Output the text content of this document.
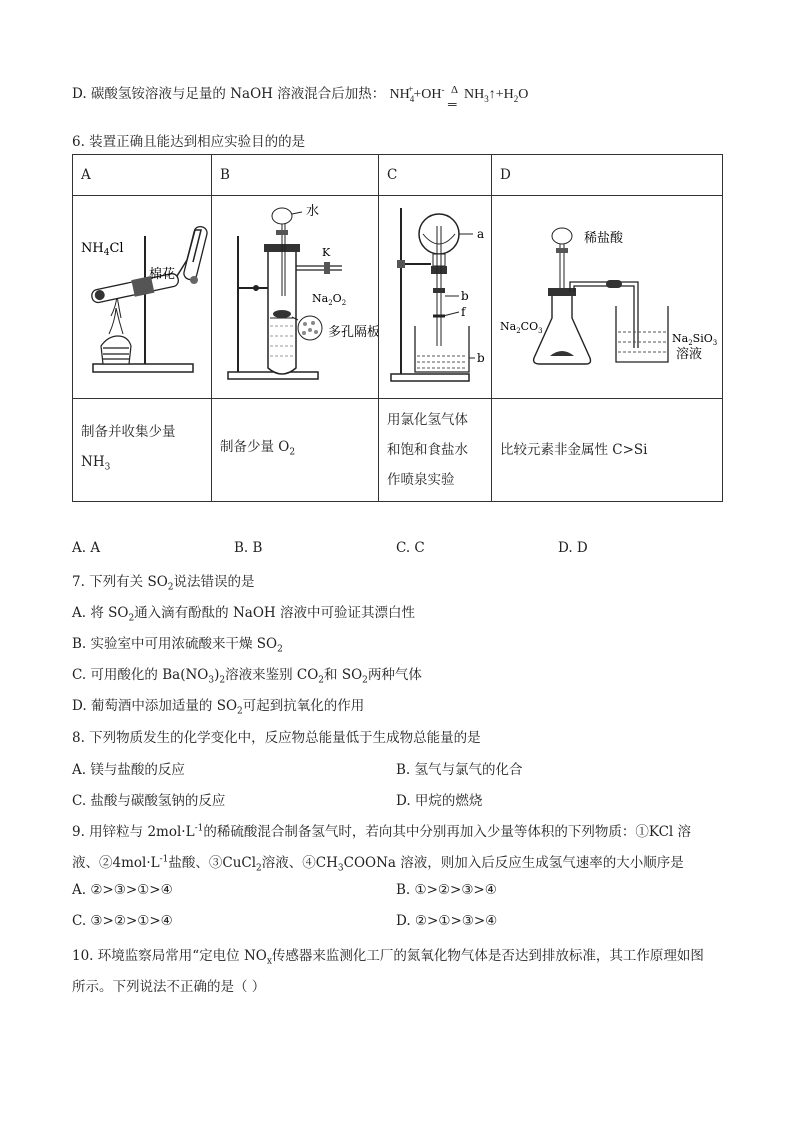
D. 碳酸氢铵溶液与足量的 NaOH 溶液混合后加热： $NH_4^++OH^-$ Δ
═
$NH_3↑+H_2O$
6. 装置正确且能达到相应实验目的的是
A	B	C	D

$NH_4Cl$
棉花	水
K
$Na_2O_2$
多孔隔板	a
b
f
b	稀盐酸
$Na_2CO_3$
$Na_2SiO_3$
溶液

制备并收集少量
$NH_3$	制备少量 $O_2$	用氯化氢气体
和饱和食盐水
作喷泉实验	比较元素非金属性 C>Si
A. A	B. B	C. C	D. D
7. 下列有关 $SO_2$说法错误的是
A. 将 $SO_2$通入滴有酚酞的 NaOH 溶液中可验证其漂白性
B. 实验室中可用浓硫酸来干燥 $SO_2$
C. 可用酸化的 $Ba(NO_3)_2$溶液来鉴别 $CO_2$和 $SO_2$两种气体
D. 葡萄酒中添加适量的 $SO_2$可起到抗氧化的作用
8. 下列物质发生的化学变化中，反应物总能量低于生成物总能量的是
A. 镁与盐酸的反应	B. 氢气与氯气的化合
C. 盐酸与碳酸氢钠的反应	D. 甲烷的燃烧
9. 用锌粒与 $2mol\cdot L^{-1}$的稀硫酸混合制备氢气时，若向其中分别再加入少量等体积的下列物质：①KCl 溶
液、$②4mol\cdot L^{-1}$盐酸、③CuCl$_2$溶液、$④CH_3COONa$ 溶液，则加入后反应生成氢气速率的大小顺序是
A. ②>③>①>④	B. ①>②>③>④
C. ③>②>①>④	D. ②>①>③>④
10. 环境监察局常用“定电位 $NO_x$传感器来监测化工厂的氮氧化物气体是否达到排放标准，其工作原理如图
所示。下列说法不正确的是（ ）
